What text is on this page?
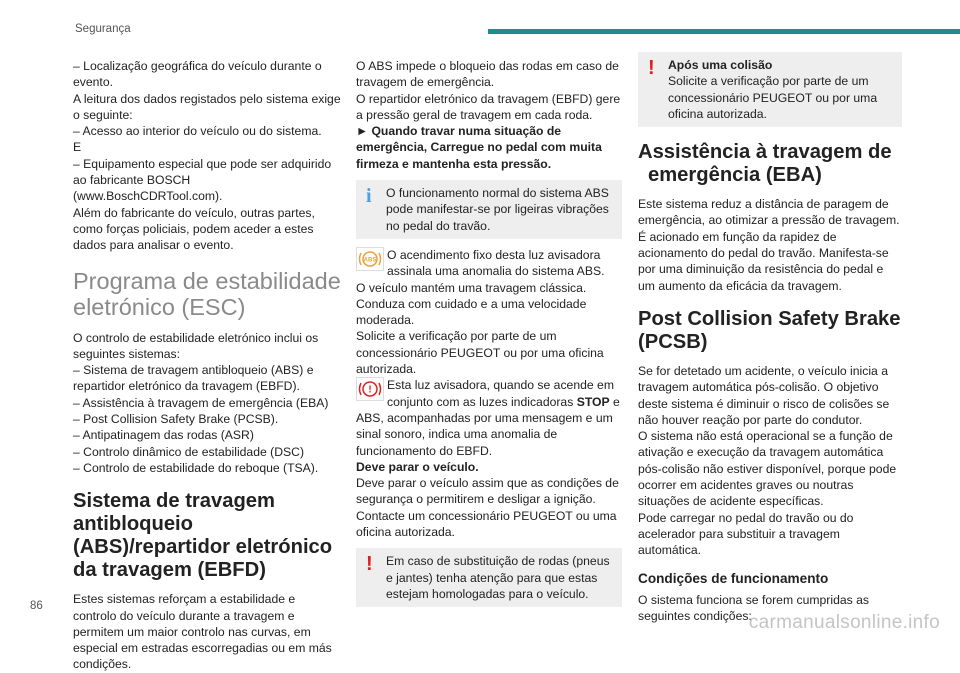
Segurança

– Localização geográfica do veículo durante o evento.

A leitura dos dados registados pelo sistema exige o seguinte:

– Acesso ao interior do veículo ou do sistema.

E

– Equipamento especial que pode ser adquirido ao fabricante BOSCH (www.BoschCDRTool.com).

Além do fabricante do veículo, outras partes, como forças policiais, podem aceder a estes dados para analisar o evento.

Programa de estabilidade eletrónico (ESC)

O controlo de estabilidade eletrónico inclui os seguintes sistemas:

– Sistema de travagem antibloqueio (ABS) e repartidor eletrónico da travagem (EBFD).

– Assistência à travagem de emergência (EBA)

– Post Collision Safety Brake (PCSB).

– Antipatinagem das rodas (ASR)

– Controlo dinâmico de estabilidade (DSC)

– Controlo de estabilidade do reboque (TSA).

Sistema de travagem antibloqueio (ABS)/repartidor eletrónico da travagem (EBFD)

Estes sistemas reforçam a estabilidade e controlo do veículo durante a travagem e permitem um maior controlo nas curvas, em especial em estradas escorregadias ou em más condições.

O ABS impede o bloqueio das rodas em caso de travagem de emergência.

O repartidor eletrónico da travagem (EBFD) gere a pressão geral de travagem em cada roda.

► Quando travar numa situação de emergência, Carregue no pedal com muita firmeza e mantenha esta pressão.

i O funcionamento normal do sistema ABS pode manifestar-se por ligeiras vibrações no pedal do travão.

ABS O acendimento fixo desta luz avisadora assinala uma anomalia do sistema ABS.

O veículo mantém uma travagem clássica. Conduza com cuidado e a uma velocidade moderada.

Solicite a verificação por parte de um concessionário PEUGEOT ou por uma oficina autorizada.

!	Esta luz avisadora, quando se acende em conjunto com as luzes indicadoras STOP e ABS, acompanhadas por uma mensagem e um sinal sonoro, indica uma anomalia de funcionamento do EBFD.

Deve parar o veículo.

Deve parar o veículo assim que as condições de segurança o permitirem e desligar a ignição.

Contacte um concessionário PEUGEOT ou uma oficina autorizada.

! Em caso de substituição de rodas (pneus e jantes) tenha atenção para que estas estejam homologadas para o veículo.

! Após uma colisão

Solicite a verificação por parte de um concessionário PEUGEOT ou por uma oficina autorizada.

Assistência à travagem de emergência (EBA)

Este sistema reduz a distância de paragem de emergência, ao otimizar a pressão de travagem.

É acionado em função da rapidez de acionamento do pedal do travão. Manifesta-se por uma diminuição da resistência do pedal e um aumento da eficácia da travagem.

Post Collision Safety Brake (PCSB)

Se for detetado um acidente, o veículo inicia a travagem automática pós-colisão. O objetivo deste sistema é diminuir o risco de colisões se não houver reação por parte do condutor.

O sistema não está operacional se a função de ativação e execução da travagem automática pós-colisão não estiver disponível, porque pode ocorrer em acidentes graves ou noutras situações de acidente específicas.

Pode carregar no pedal do travão ou do acelerador para substituir a travagem automática.

Condições de funcionamento

O sistema funciona se forem cumpridas as seguintes condições:

86
carmanualsonline.info
